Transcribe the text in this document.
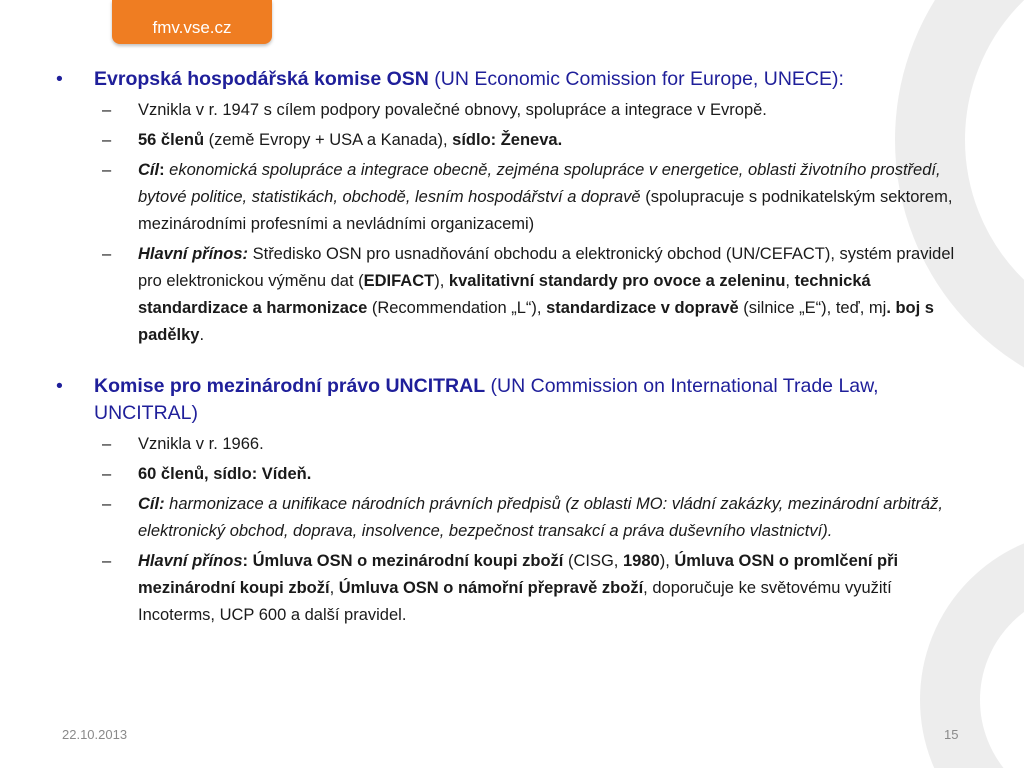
fmv.vse.cz
•	Evropská hospodářská komise OSN (UN Economic Comission for Europe, UNECE):
– Vznikla v r. 1947 s cílem podpory povalečné obnovy, spolupráce a integrace v Evropě.
– 56 členů (země Evropy + USA a Kanada), sídlo: Ženeva.
– Cíl: ekonomická spolupráce a integrace obecně, zejména spolupráce v energetice, oblasti životního prostředí, bytové politice, statistikách, obchodě, lesním hospodářství a dopravě (spolupracuje s podnikatelským sektorem, mezinárodními profesními a nevládními organizacemi)
– Hlavní přínos: Středisko OSN pro usnadňování obchodu a elektronický obchod (UN/CEFACT), systém pravidel pro elektronickou výměnu dat (EDIFACT), kvalitativní standardy pro ovoce a zeleninu, technická standardizace a harmonizace (Recommendation „L“), standardizace v dopravě (silnice „E“), teď, mj. boj s padělky.
•	Komise pro mezinárodní právo UNCITRAL (UN Commission on International Trade Law, UNCITRAL)
– Vznikla v r. 1966.
– 60 členů, sídlo: Vídeň.
– Cíl: harmonizace a unifikace národních právních předpisů (z oblasti MO: vládní zakázky, mezinárodní arbitráž, elektronický obchod, doprava, insolvence, bezpečnost transakcí a práva duševního vlastnictví).
– Hlavní přínos: Úmluva OSN o mezinárodní koupi zboží (CISG, 1980), Úmluva OSN o promlčení při mezinárodní koupi zboží, Úmluva OSN o námořní přepravě zboží, doporučuje ke světovému využití Incoterms, UCP 600 a další pravidel.
22.10.2013	15
